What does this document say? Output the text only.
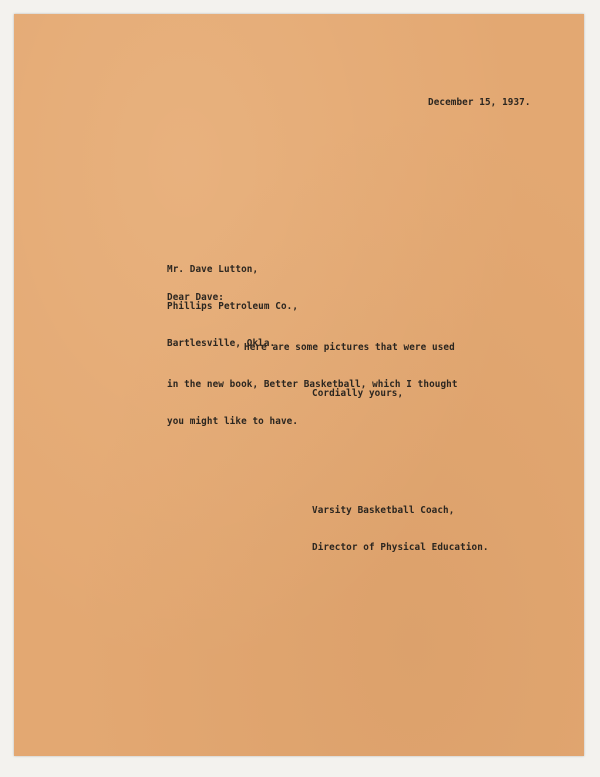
December 15, 1937.

Mr. Dave Lutton,

Phillips Petroleum Co.,

Bartlesville, Okla.

Dear Dave:

Here are some pictures that were used

in the new book, Better Basketball, which I thought

you might like to have.

Cordially yours,

Varsity Basketball Coach,

Director of Physical Education.
